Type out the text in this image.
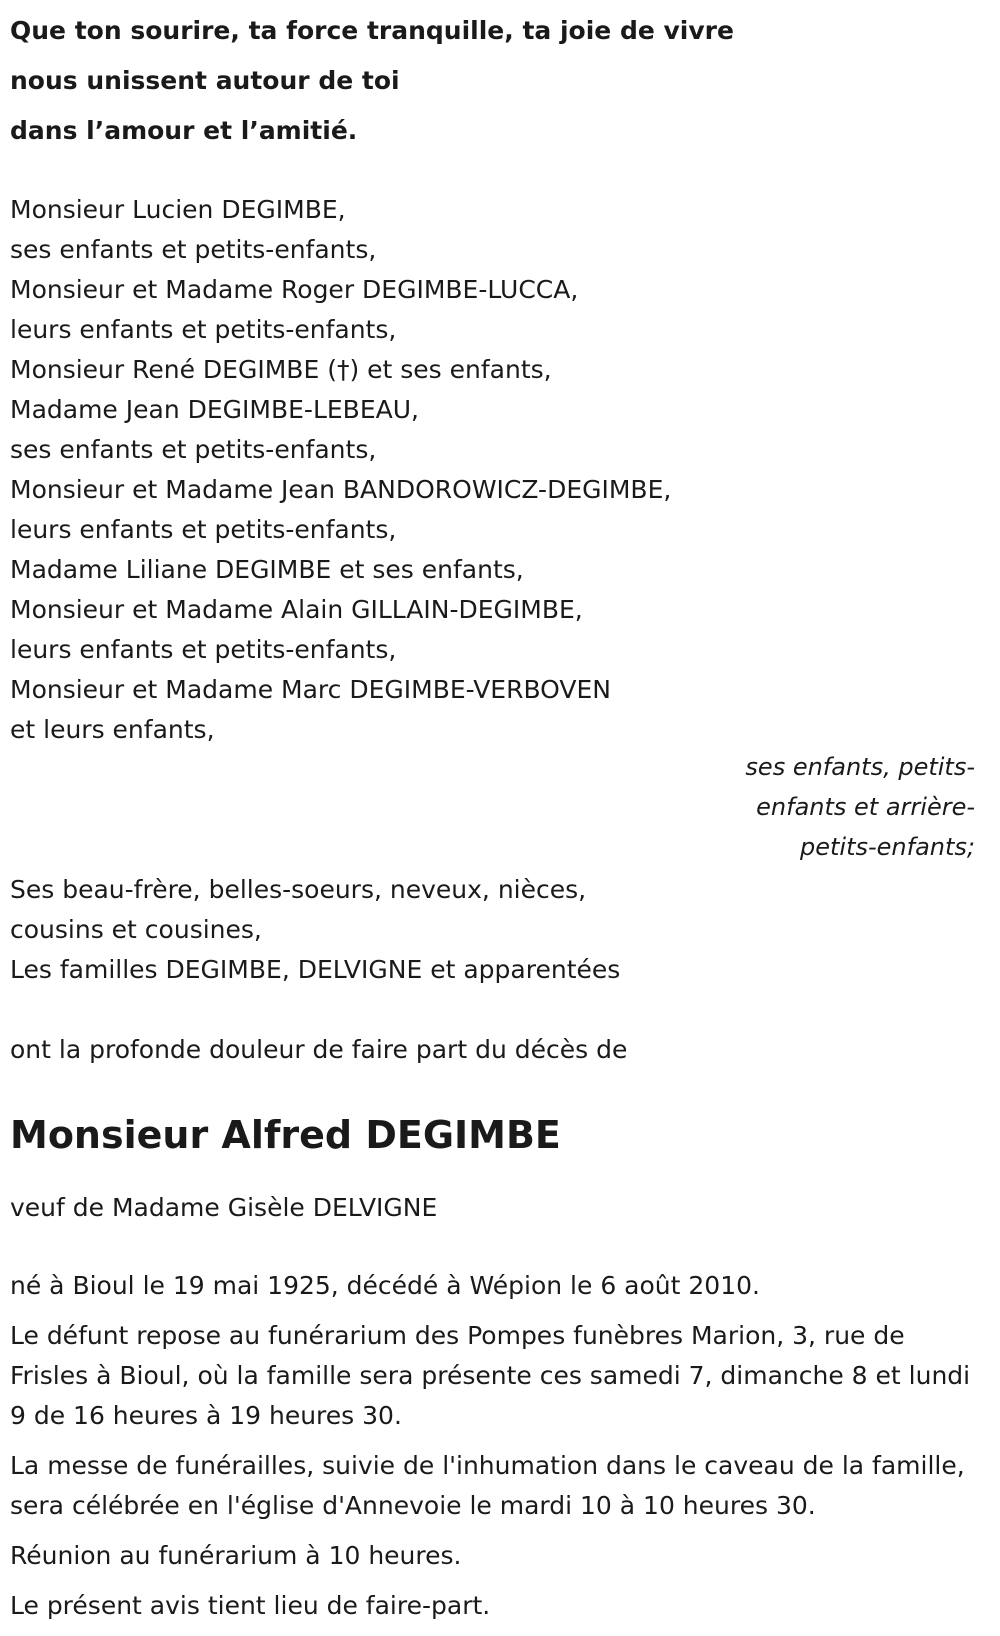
Que ton sourire, ta force tranquille, ta joie de vivre
nous unissent autour de toi
dans l’amour et l’amitié.
Monsieur Lucien DEGIMBE,
ses enfants et petits-enfants,
Monsieur et Madame Roger DEGIMBE-LUCCA,
leurs enfants et petits-enfants,
Monsieur René DEGIMBE (†) et ses enfants,
Madame Jean DEGIMBE-LEBEAU,
ses enfants et petits-enfants,
Monsieur et Madame Jean BANDOROWICZ-DEGIMBE,
leurs enfants et petits-enfants,
Madame Liliane DEGIMBE et ses enfants,
Monsieur et Madame Alain GILLAIN-DEGIMBE,
leurs enfants et petits-enfants,
Monsieur et Madame Marc DEGIMBE-VERBOVEN
et leurs enfants,
ses enfants, petits-
enfants et arrière-
petits-enfants;
Ses beau-frère, belles-soeurs, neveux, nièces,
cousins et cousines,
Les familles DEGIMBE, DELVIGNE et apparentées
ont la profonde douleur de faire part du décès de
Monsieur Alfred DEGIMBE
veuf de Madame Gisèle DELVIGNE

né à Bioul le 19 mai 1925, décédé à Wépion le 6 août 2010.

Le défunt repose au funérarium des Pompes funèbres Marion, 3, rue de Frisles à Bioul, où la famille sera présente ces samedi 7, dimanche 8 et lundi 9 de 16 heures à 19 heures 30.

La messe de funérailles, suivie de l'inhumation dans le caveau de la famille, sera célébrée en l'église d'Annevoie le mardi 10 à 10 heures 30.

Réunion au funérarium à 10 heures.

Le présent avis tient lieu de faire-part.
